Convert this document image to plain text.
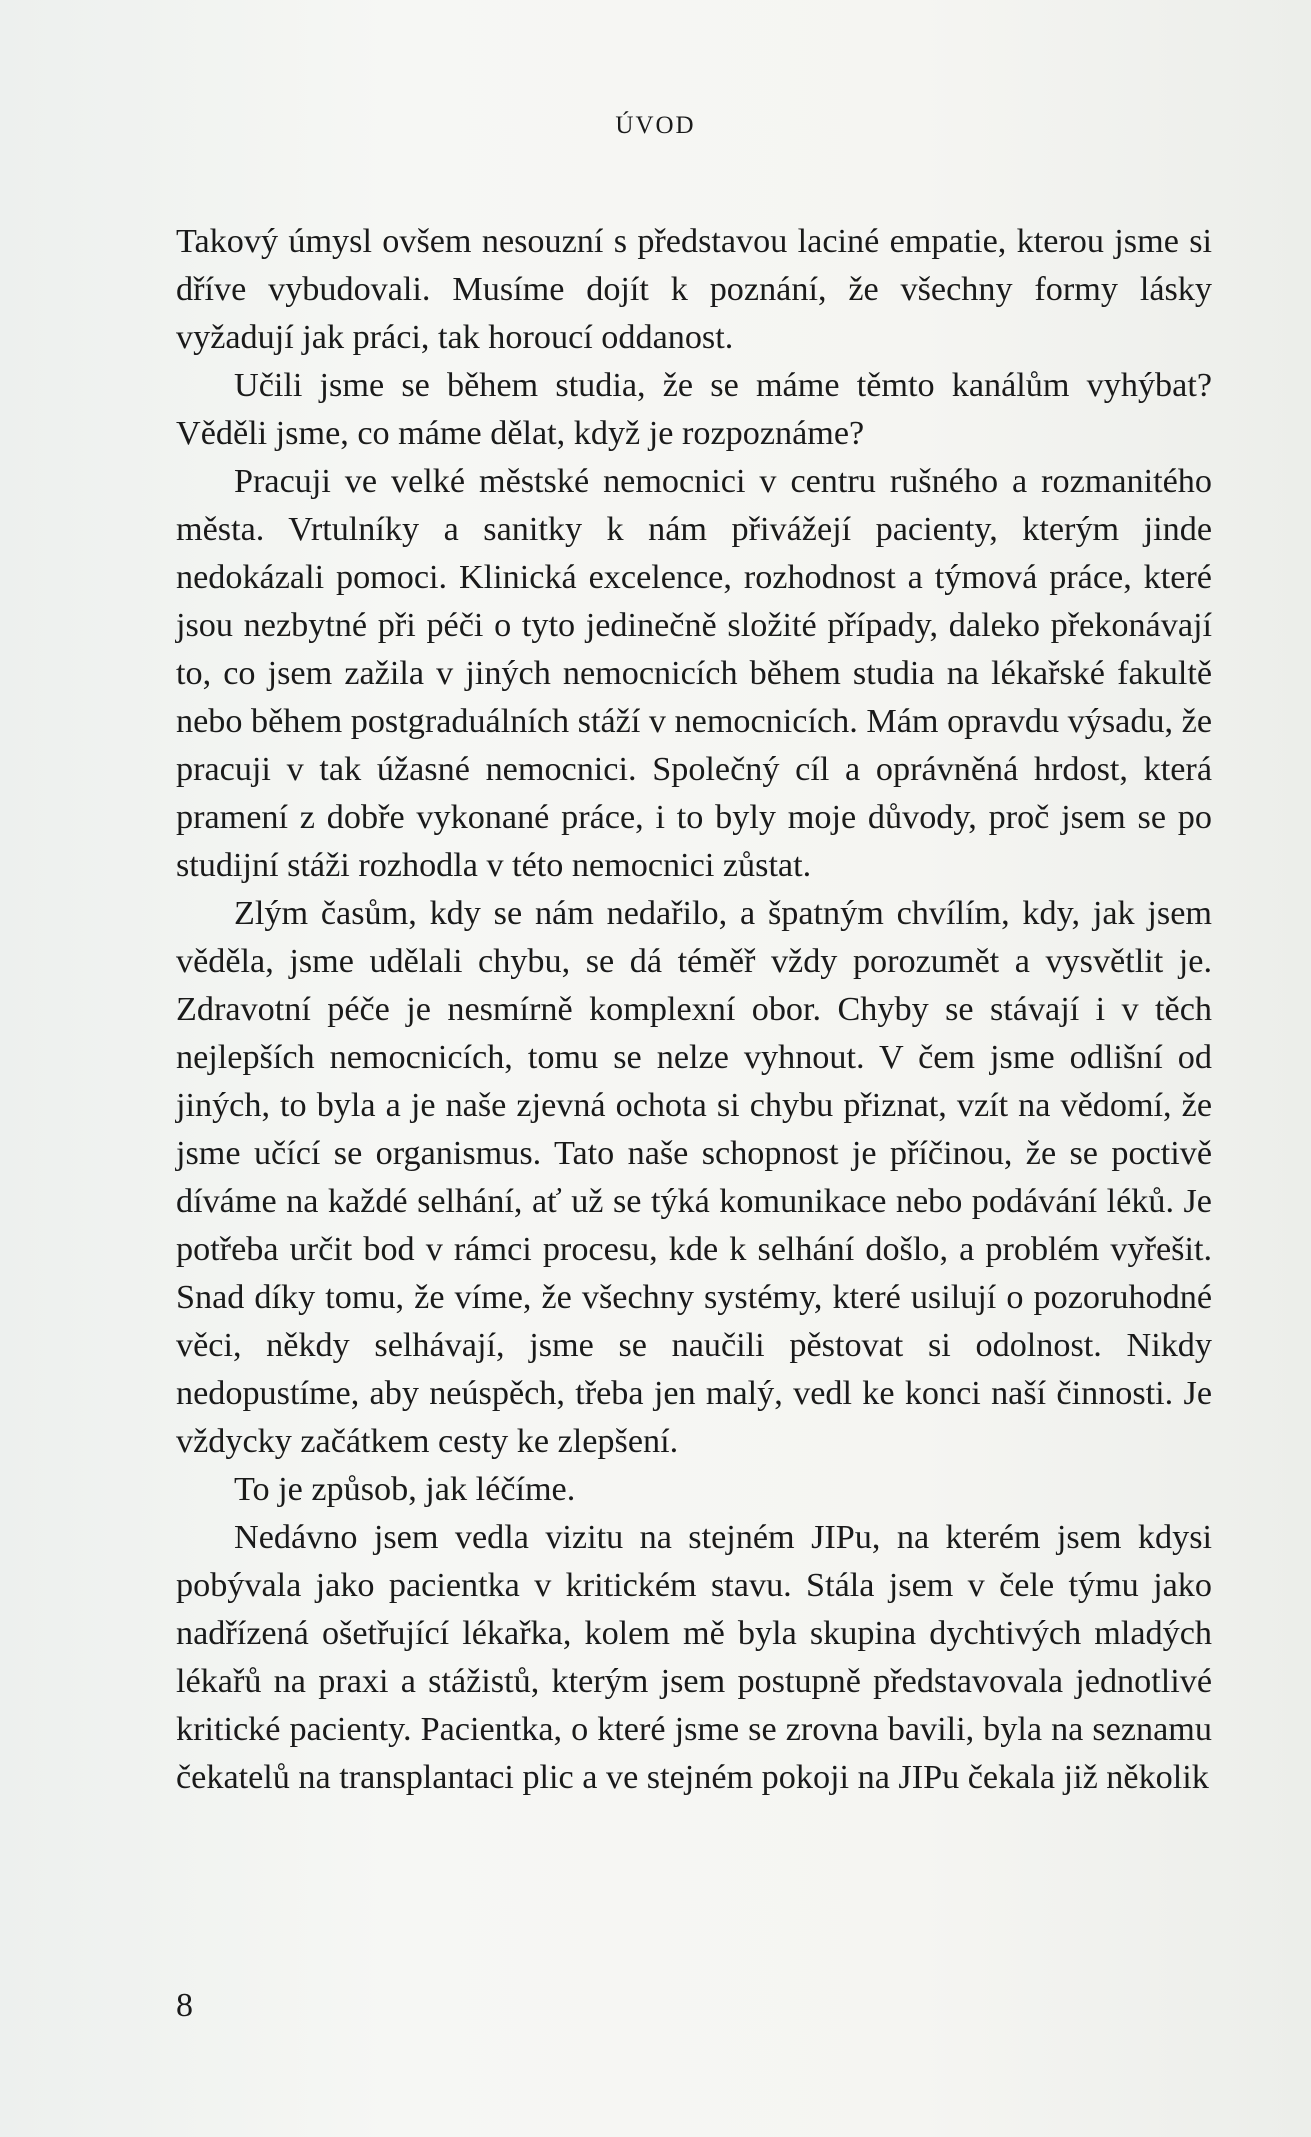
ÚVOD

Takový úmysl ovšem nesouzní s představou laciné empatie, kterou jsme si dříve vybudovali. Musíme dojít k poznání, že všechny formy lásky vyžadují jak práci, tak horoucí oddanost.

Učili jsme se během studia, že se máme těmto kanálům vyhýbat? Věděli jsme, co máme dělat, když je rozpoznáme?

Pracuji ve velké městské nemocnici v centru rušného a rozmanitého města. Vrtulníky a sanitky k nám přivážejí pacienty, kterým jinde nedokázali pomoci. Klinická excelence, rozhodnost a týmová práce, které jsou nezbytné při péči o tyto jedinečně složité případy, daleko překonávají to, co jsem zažila v jiných nemocnicích během studia na lékařské fakultě nebo během postgraduálních stáží v nemocnicích. Mám opravdu výsadu, že pracuji v tak úžasné nemocnici. Společný cíl a oprávněná hrdost, která pramení z dobře vykonané práce, i to byly moje důvody, proč jsem se po studijní stáži rozhodla v této nemocnici zůstat.

Zlým časům, kdy se nám nedařilo, a špatným chvílím, kdy, jak jsem věděla, jsme udělali chybu, se dá téměř vždy porozumět a vysvětlit je. Zdravotní péče je nesmírně komplexní obor. Chyby se stávají i v těch nejlepších nemocnicích, tomu se nelze vyhnout. V čem jsme odlišní od jiných, to byla a je naše zjevná ochota si chybu přiznat, vzít na vědomí, že jsme učící se organismus. Tato naše schopnost je příčinou, že se poctivě díváme na každé selhání, ať už se týká komunikace nebo podávání léků. Je potřeba určit bod v rámci procesu, kde k selhání došlo, a problém vyřešit. Snad díky tomu, že víme, že všechny systémy, které usilují o pozoruhodné věci, někdy selhávají, jsme se naučili pěstovat si odolnost. Nikdy nedopustíme, aby neúspěch, třeba jen malý, vedl ke konci naší činnosti. Je vždycky začátkem cesty ke zlepšení.

To je způsob, jak léčíme.

Nedávno jsem vedla vizitu na stejném JIPu, na kterém jsem kdysi pobývala jako pacientka v kritickém stavu. Stála jsem v čele týmu jako nadřízená ošetřující lékařka, kolem mě byla skupina dychtivých mladých lékařů na praxi a stážistů, kterým jsem postupně představovala jednotlivé kritické pacienty. Pacientka, o které jsme se zrovna bavili, byla na seznamu čekatelů na transplantaci plic a ve stejném pokoji na JIPu čekala již několik

8
